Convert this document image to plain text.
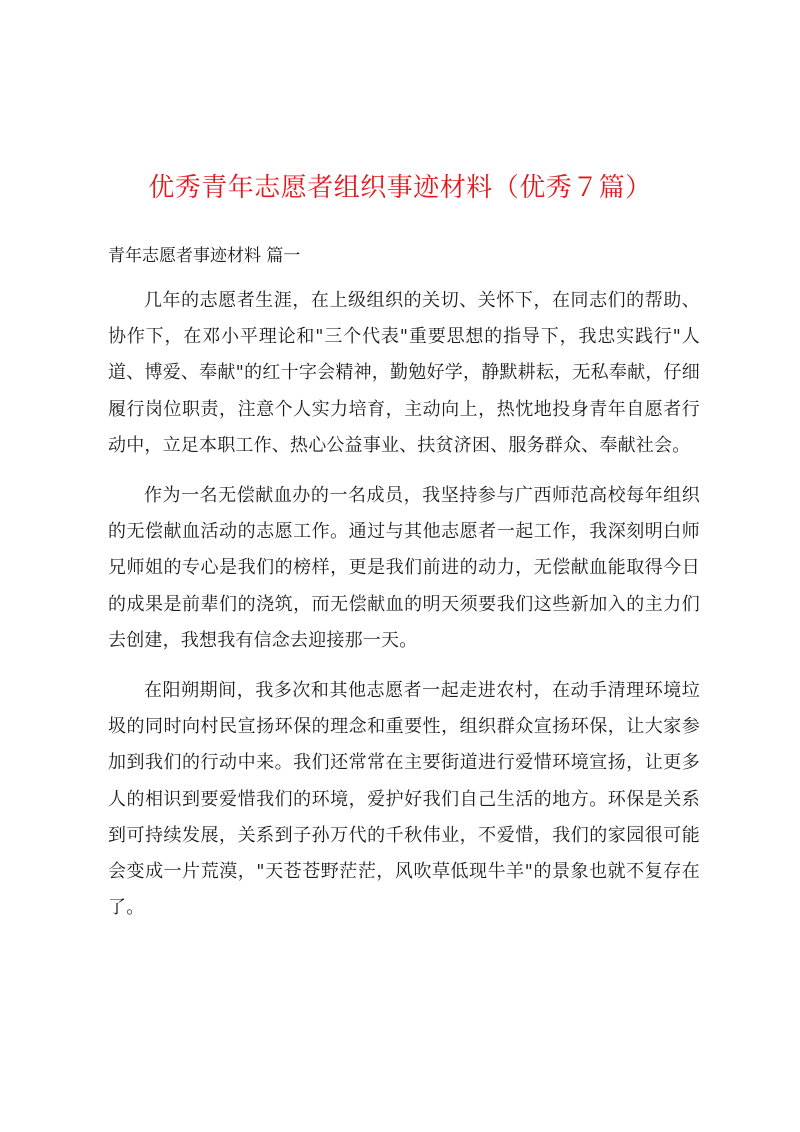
优秀青年志愿者组织事迹材料（优秀７篇）
青年志愿者事迹材料 篇一

几年的志愿者生涯，在上级组织的关切、关怀下，在同志们的帮助、协作下，在邓小平理论和"三个代表"重要思想的指导下，我忠实践行"人道、博爱、奉献"的红十字会精神，勤勉好学，静默耕耘，无私奉献，仔细履行岗位职责，注意个人实力培育，主动向上，热忱地投身青年自愿者行动中，立足本职工作、热心公益事业、扶贫济困、服务群众、奉献社会。

作为一名无偿献血办的一名成员，我坚持参与广西师范高校每年组织的无偿献血活动的志愿工作。通过与其他志愿者一起工作，我深刻明白师兄师姐的专心是我们的榜样，更是我们前进的动力，无偿献血能取得今日的成果是前辈们的浇筑，而无偿献血的明天须要我们这些新加入的主力们去创建，我想我有信念去迎接那一天。

在阳朔期间，我多次和其他志愿者一起走进农村，在动手清理环境垃圾的同时向村民宣扬环保的理念和重要性，组织群众宣扬环保，让大家参加到我们的行动中来。我们还常常在主要街道进行爱惜环境宣扬，让更多人的相识到要爱惜我们的环境，爱护好我们自己生活的地方。环保是关系到可持续发展，关系到子孙万代的千秋伟业，不爱惜，我们的家园很可能会变成一片荒漠，"天苍苍野茫茫，风吹草低现牛羊"的景象也就不复存在了。
